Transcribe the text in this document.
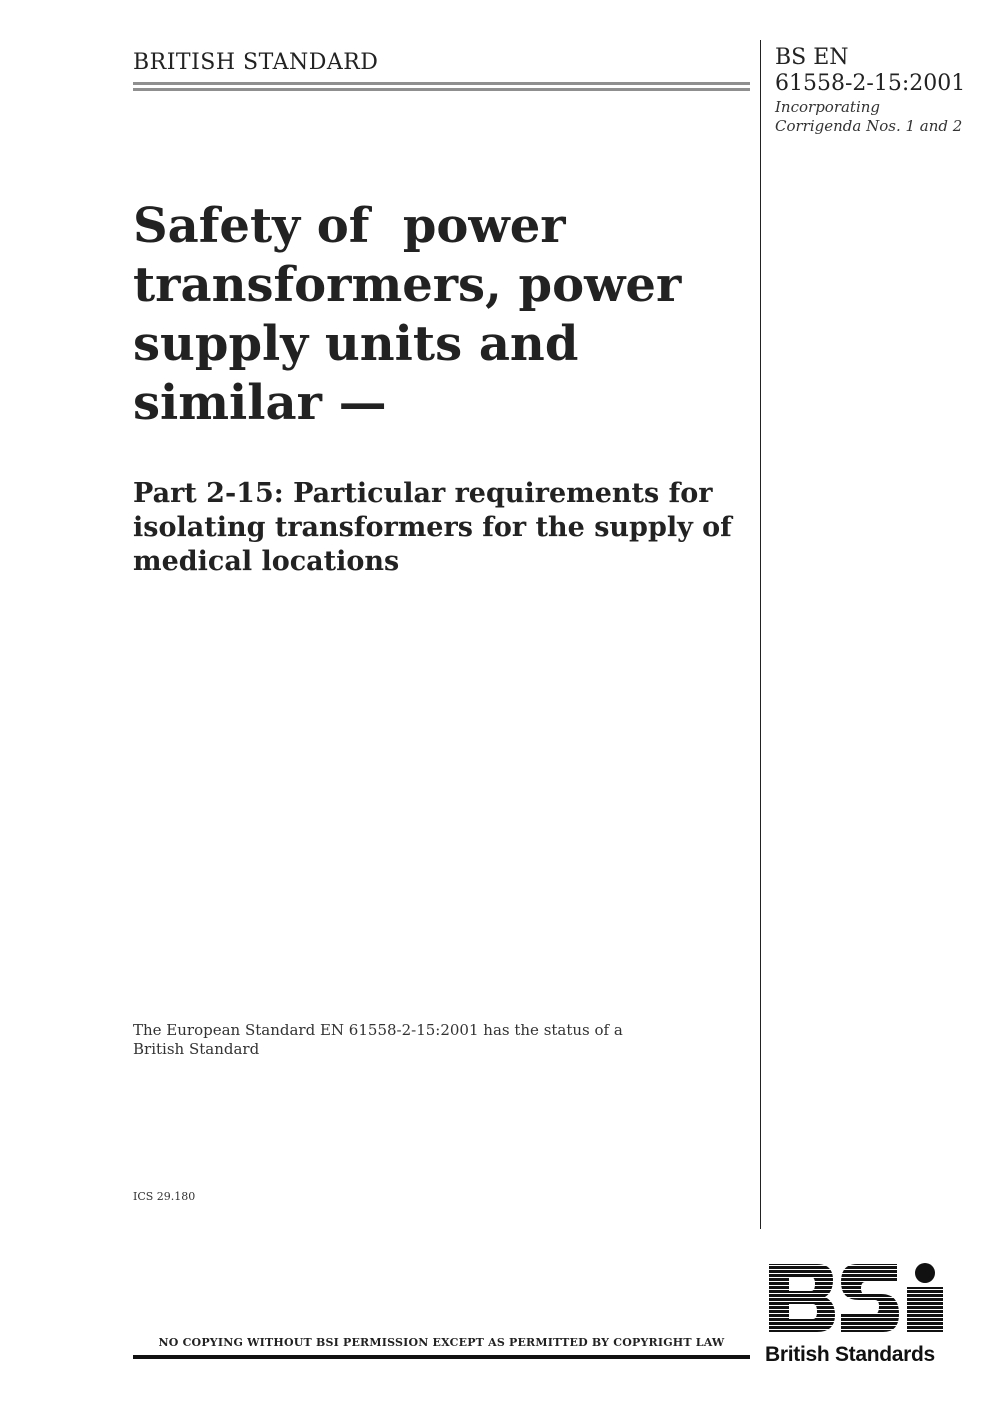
BRITISH STANDARD	BS EN
61558-2-15:2001
Incorporating
Corrigenda Nos. 1 and 2
Safety of  power
transformers, power
supply units and
similar —
Part 2-15: Particular requirements for
isolating transformers for the supply of
medical locations
The European Standard EN 61558-2-15:2001 has the status of a
British Standard
ICS 29.180
NO COPYING WITHOUT BSI PERMISSION EXCEPT AS PERMITTED BY COPYRIGHT LAW
British Standards
